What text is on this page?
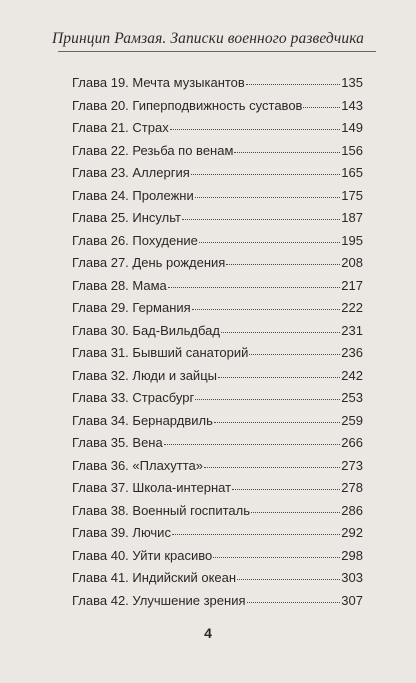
Принцип Рамзая. Записки военного разведчика
Глава 19. Мечта музыкантов	135
Глава 20. Гиперподвижность суставов	143
Глава 21. Страх	149
Глава 22. Резьба по венам	156
Глава 23. Аллергия	165
Глава 24. Пролежни	175
Глава 25. Инсульт	187
Глава 26. Похудение	195
Глава 27. День рождения	208
Глава 28. Мама	217
Глава 29. Германия	222
Глава 30. Бад-Вильдбад	231
Глава 31. Бывший санаторий	236
Глава 32. Люди и зайцы	242
Глава 33. Страсбург	253
Глава 34. Бернардвиль	259
Глава 35. Вена	266
Глава 36. «Плахутта»	273
Глава 37. Школа-интернат	278
Глава 38. Военный госпиталь	286
Глава 39. Лючис	292
Глава 40. Уйти красиво	298
Глава 41. Индийский океан	303
Глава 42. Улучшение зрения	307
4
